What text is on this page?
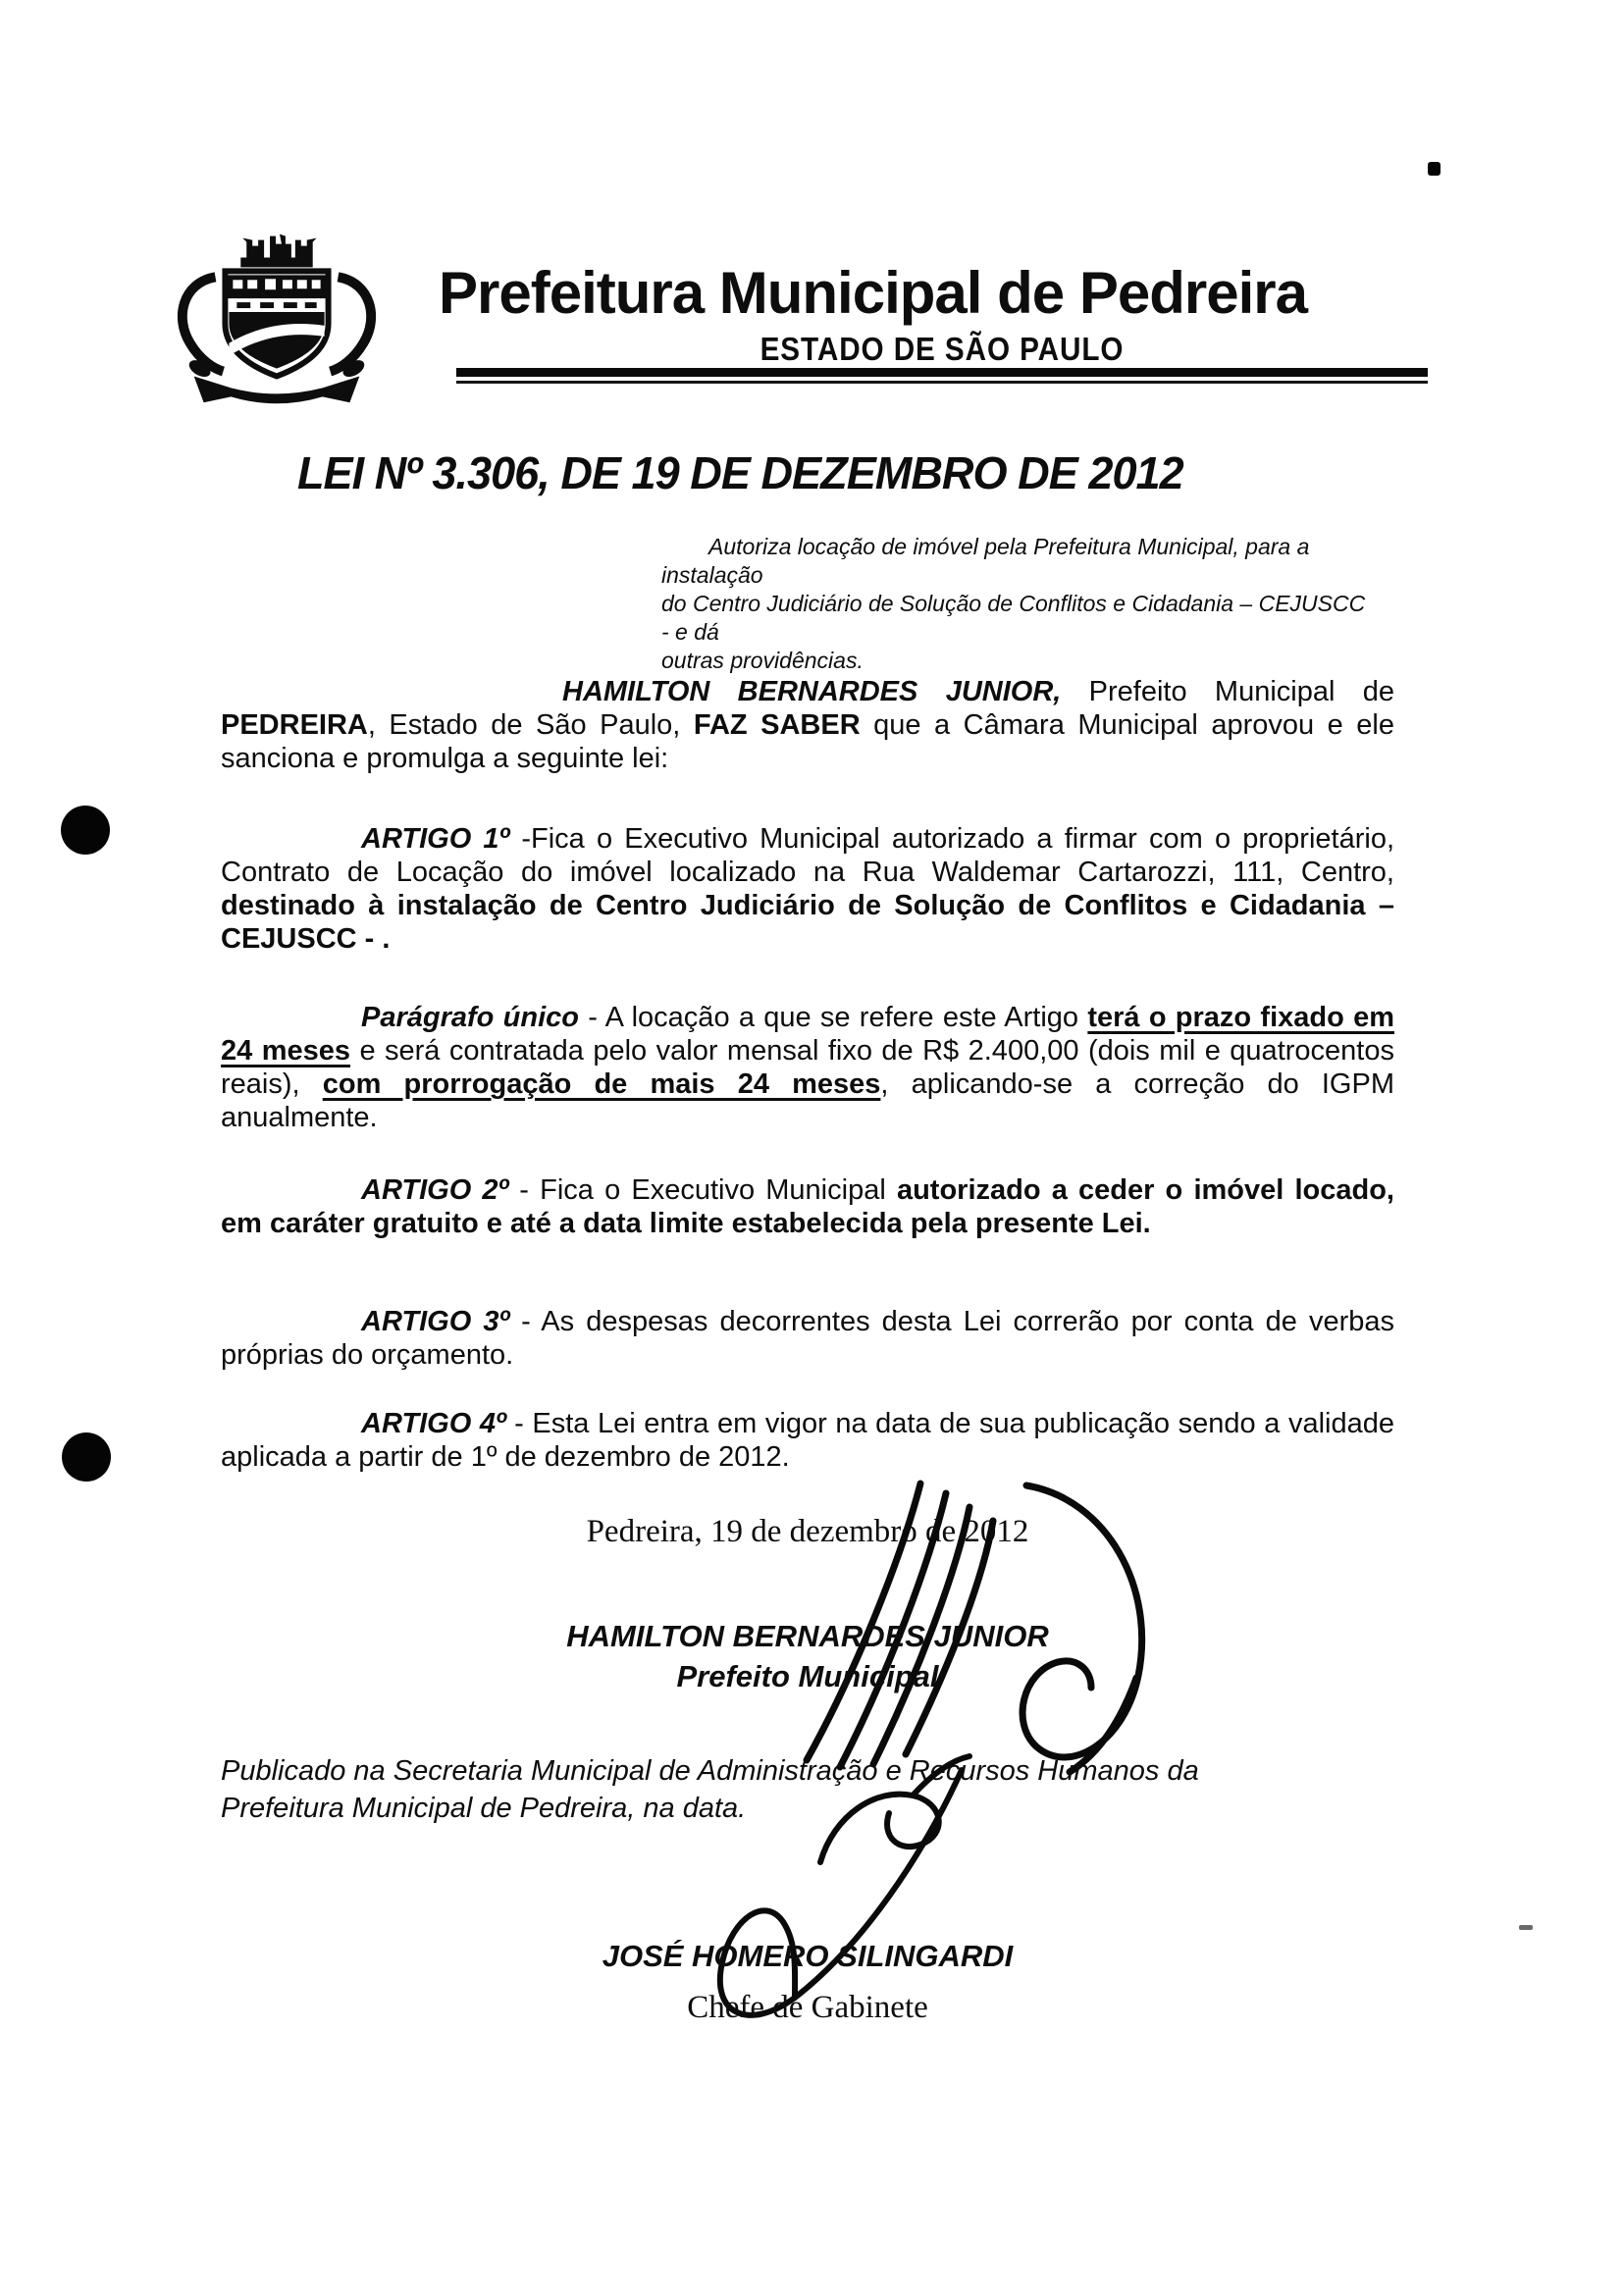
Prefeitura Municipal de Pedreira
ESTADO DE SÃO PAULO
LEI Nº 3.306, DE 19 DE DEZEMBRO DE 2012
Autoriza locação de imóvel pela Prefeitura Municipal, para a instalação
do Centro Judiciário de Solução de Conflitos e Cidadania – CEJUSCC - e dá
outras providências.

HAMILTON BERNARDES JUNIOR, Prefeito Municipal de PEDREIRA, Estado de São Paulo, FAZ SABER que a Câmara Municipal aprovou e ele sanciona e promulga a seguinte lei:

ARTIGO 1º -Fica o Executivo Municipal autorizado a firmar com o proprietário, Contrato de Locação do imóvel localizado na Rua Waldemar Cartarozzi, 111, Centro, destinado à instalação de Centro Judiciário de Solução de Conflitos e Cidadania – CEJUSCC - .

Parágrafo único - A locação a que se refere este Artigo terá o prazo fixado em 24 meses e será contratada pelo valor mensal fixo de R$ 2.400,00 (dois mil e quatrocentos reais), com prorrogação de mais 24 meses, aplicando-se a correção do IGPM anualmente.

ARTIGO 2º - Fica o Executivo Municipal autorizado a ceder o imóvel locado, em caráter gratuito e até a data limite estabelecida pela presente Lei.

ARTIGO 3º - As despesas decorrentes desta Lei correrão por conta de verbas próprias do orçamento.

ARTIGO 4º - Esta Lei entra em vigor na data de sua publicação sendo a validade aplicada a partir de 1º de dezembro de 2012.

Pedreira, 19 de dezembro de 2012
HAMILTON BERNARDES JUNIOR
Prefeito Municipal
Publicado na Secretaria Municipal de Administração e Recursos Humanos da
Prefeitura Municipal de Pedreira, na data.
JOSÉ HOMERO SILINGARDI
Chefe de Gabinete
